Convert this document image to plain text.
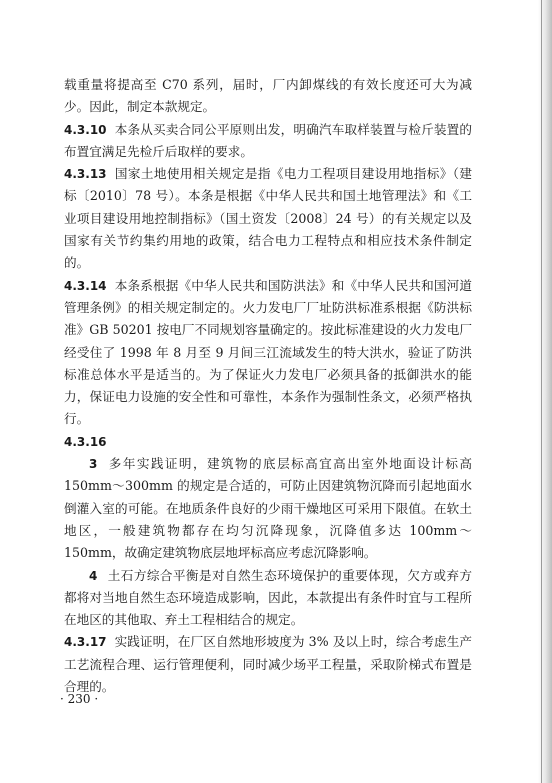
载重量将提高至 C70 系列，届时，厂内卸煤线的有效长度还可大为减少。因此，制定本款规定。

4.3.10 本条从买卖合同公平原则出发，明确汽车取样装置与检斤装置的布置宜满足先检斤后取样的要求。

4.3.13 国家土地使用相关规定是指《电力工程项目建设用地指标》（建标〔2010〕78 号）。本条是根据《中华人民共和国土地管理法》和《工业项目建设用地控制指标》（国土资发〔2008〕24 号）的有关规定以及国家有关节约集约用地的政策，结合电力工程特点和相应技术条件制定的。

4.3.14 本条系根据《中华人民共和国防洪法》和《中华人民共和国河道管理条例》的相关规定制定的。火力发电厂厂址防洪标准系根据《防洪标准》GB 50201 按电厂不同规划容量确定的。按此标准建设的火力发电厂经受住了 1998 年 8 月至 9 月间三江流域发生的特大洪水，验证了防洪标准总体水平是适当的。为了保证火力发电厂必须具备的抵御洪水的能力，保证电力设施的安全性和可靠性，本条作为强制性条文，必须严格执行。

4.3.16

3 多年实践证明，建筑物的底层标高宜高出室外地面设计标高 150mm～300mm 的规定是合适的，可防止因建筑物沉降而引起地面水倒灌入室的可能。在地质条件良好的少雨干燥地区可采用下限值。在软土地区，一般建筑物都存在均匀沉降现象，沉降值多达 100mm～150mm，故确定建筑物底层地坪标高应考虑沉降影响。

4 土石方综合平衡是对自然生态环境保护的重要体现，欠方或弃方都将对当地自然生态环境造成影响，因此，本款提出有条件时宜与工程所在地区的其他取、弃土工程相结合的规定。

4.3.17 实践证明，在厂区自然地形坡度为 3% 及以上时，综合考虑生产工艺流程合理、运行管理便利，同时减少场平工程量，采取阶梯式布置是合理的。

· 230 ·
